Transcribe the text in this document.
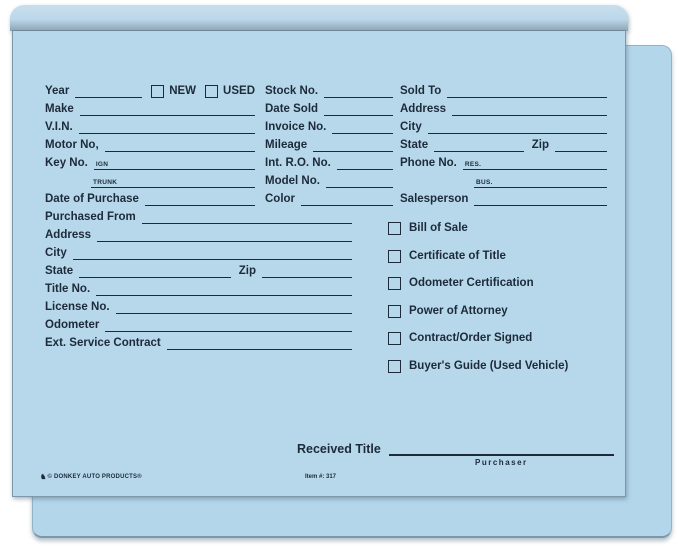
Year	NEW USED Stock No.	Sold To
Make	Date Sold	Address
V.I.N.	Invoice No.	City
Motor No,	Mileage	State	Zip
Key No. IGN	Int. R.O. No.	Phone No. RES.
TRUNK	Model No.	BUS.
Date of Purchase	Color	Salesperson
Purchased From
Address
City
State	Zip
Title No.
License No.
Odometer
Ext. Service Contract
Bill of Sale
Certificate of Title
Odometer Certification
Power of Attorney
Contract/Order Signed
Buyer's Guide (Used Vehicle)
Received Title
Purchaser
♞ © DONKEY AUTO PRODUCTS®	Item #: 317
